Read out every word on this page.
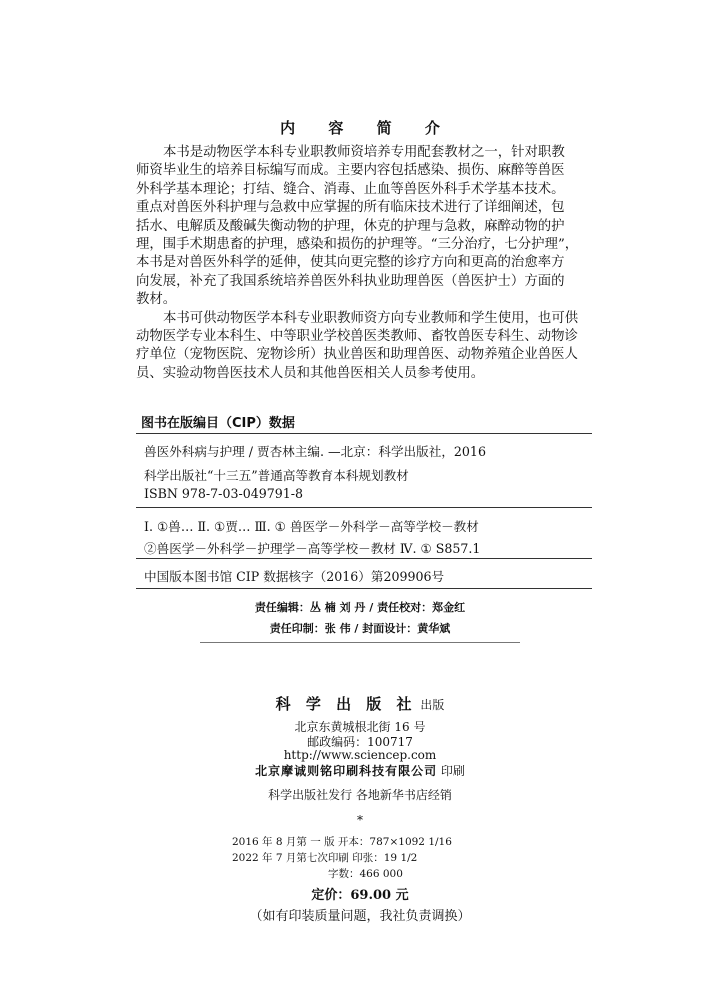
内 容 简 介
本书是动物医学本科专业职教师资培养专用配套教材之一，针对职教
师资毕业生的培养目标编写而成。主要内容包括感染、损伤、麻醉等兽医
外科学基本理论；打结、缝合、消毒、止血等兽医外科手术学基本技术。
重点对兽医外科护理与急救中应掌握的所有临床技术进行了详细阐述，包
括水、电解质及酸碱失衡动物的护理，休克的护理与急救，麻醉动物的护
理，围手术期患畜的护理，感染和损伤的护理等。“三分治疗，七分护理”，
本书是对兽医外科学的延伸，使其向更完整的诊疗方向和更高的治愈率方
向发展，补充了我国系统培养兽医外科执业助理兽医（兽医护士）方面的
教材。
本书可供动物医学本科专业职教师资方向专业教师和学生使用，也可供
动物医学专业本科生、中等职业学校兽医类教师、畜牧兽医专科生、动物诊
疗单位（宠物医院、宠物诊所）执业兽医和助理兽医、动物养殖企业兽医人
员、实验动物兽医技术人员和其他兽医相关人员参考使用。
图书在版编目（CIP）数据
兽医外科病与护理 / 贾杏林主编. —北京：科学出版社，2016
科学出版社“十三五”普通高等教育本科规划教材
ISBN 978-7-03-049791-8
Ⅰ. ①兽… Ⅱ. ①贾… Ⅲ. ① 兽医学－外科学－高等学校－教材
②兽医学－外科学－护理学－高等学校－教材 Ⅳ. ① S857.1
中国版本图书馆 CIP 数据核字（2016）第209906号
责任编辑：丛 楠 刘 丹 / 责任校对：郑金红
责任印制：张 伟 / 封面设计：黄华斌
科 学 出 版 社 出版
北京东黄城根北街 16 号
邮政编码：100717
http://www.sciencep.com
北京摩诚则铭印刷科技有限公司 印刷
科学出版社发行 各地新华书店经销
*
2016 年 8 月第 一 版 开本：787×1092 1/16
2022 年 7 月第七次印刷 印张：19 1/2
字数：466 000
定价：69.00 元
（如有印装质量问题，我社负责调换）
